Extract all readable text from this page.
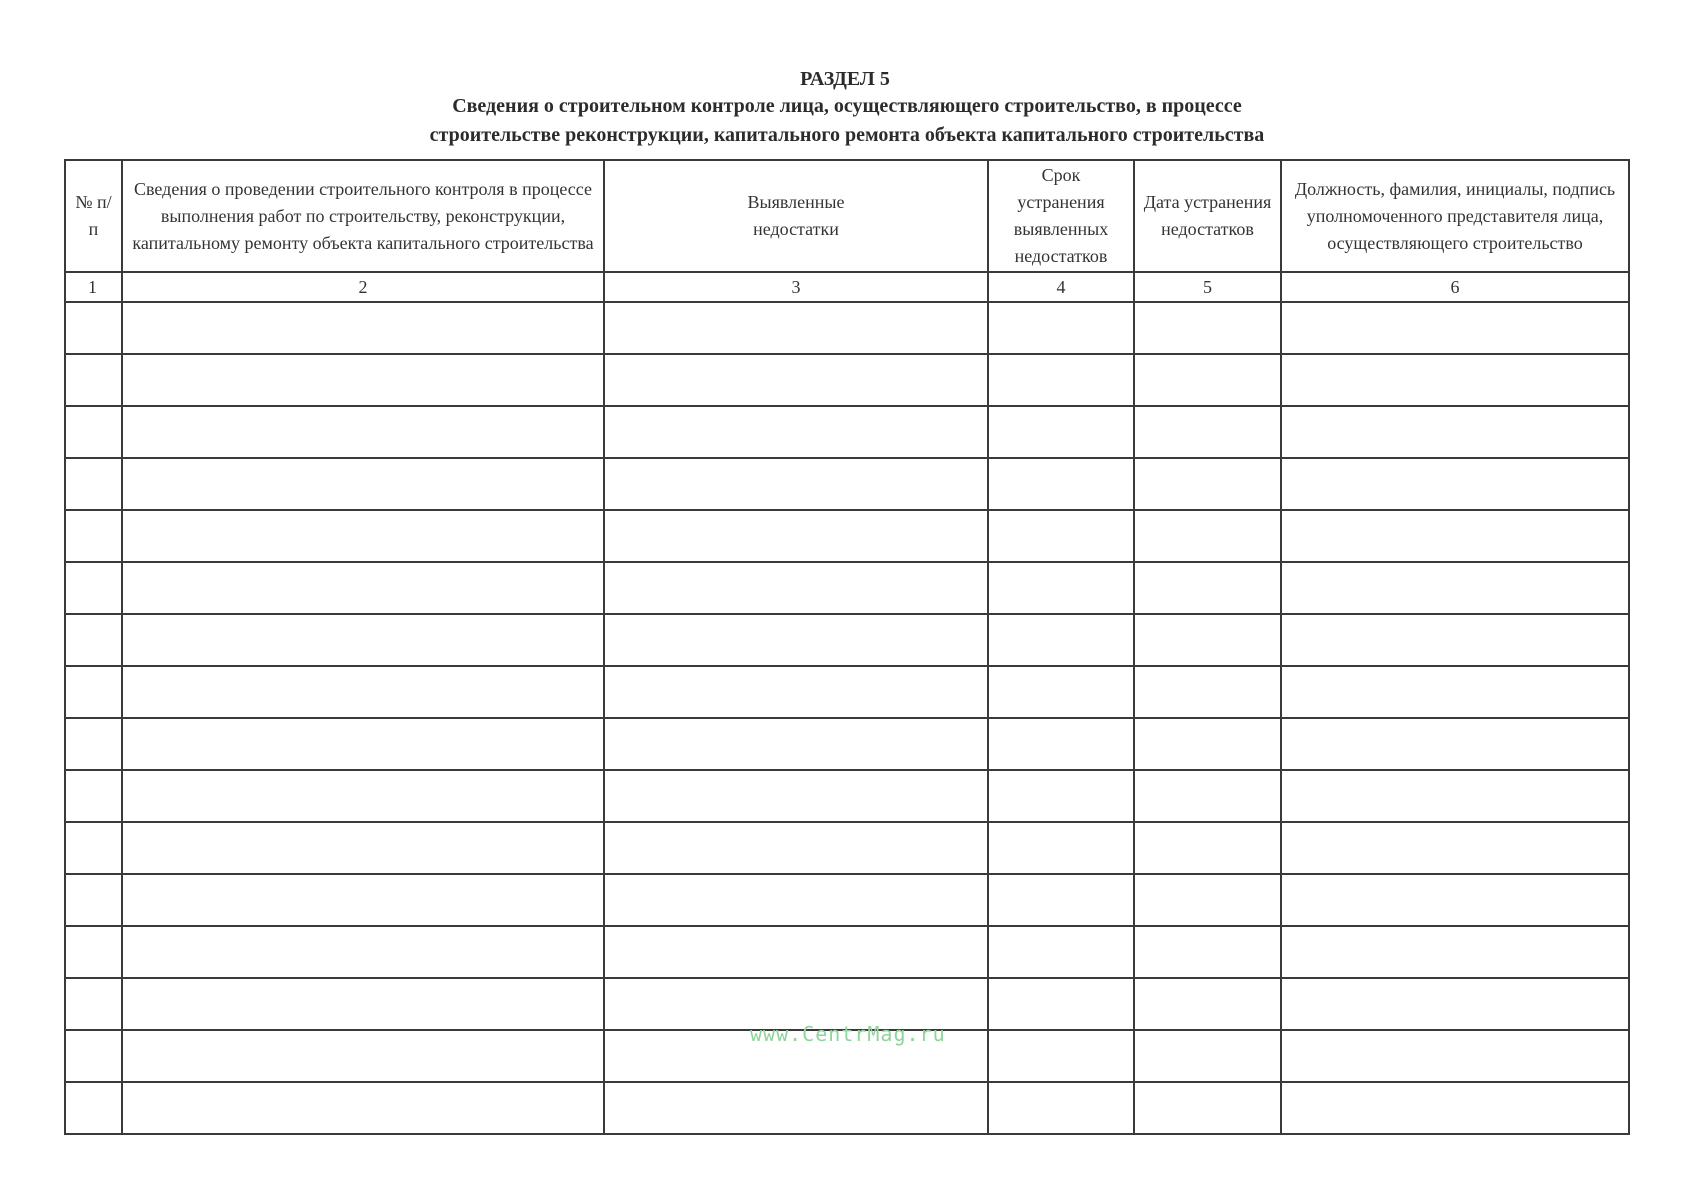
РАЗДЕЛ 5
Сведения о строительном контроле лица, осуществляющего строительство, в процессе
строительстве реконструкции, капитального ремонта объекта капитального строительства
№ п/п	Сведения о проведении строительного контроля в процессе выполнения работ по строительству, реконструкции, капитальному ремонту объекта капитального строительства	Выявленные недостатки	Срок устранения выявленных недостатков	Дата устранения недостатков	Должность, фамилия, инициалы, подпись уполномоченного представителя лица, осуществляющего строительство
1	2	3	4	5	6

www.CentrMag.ru
